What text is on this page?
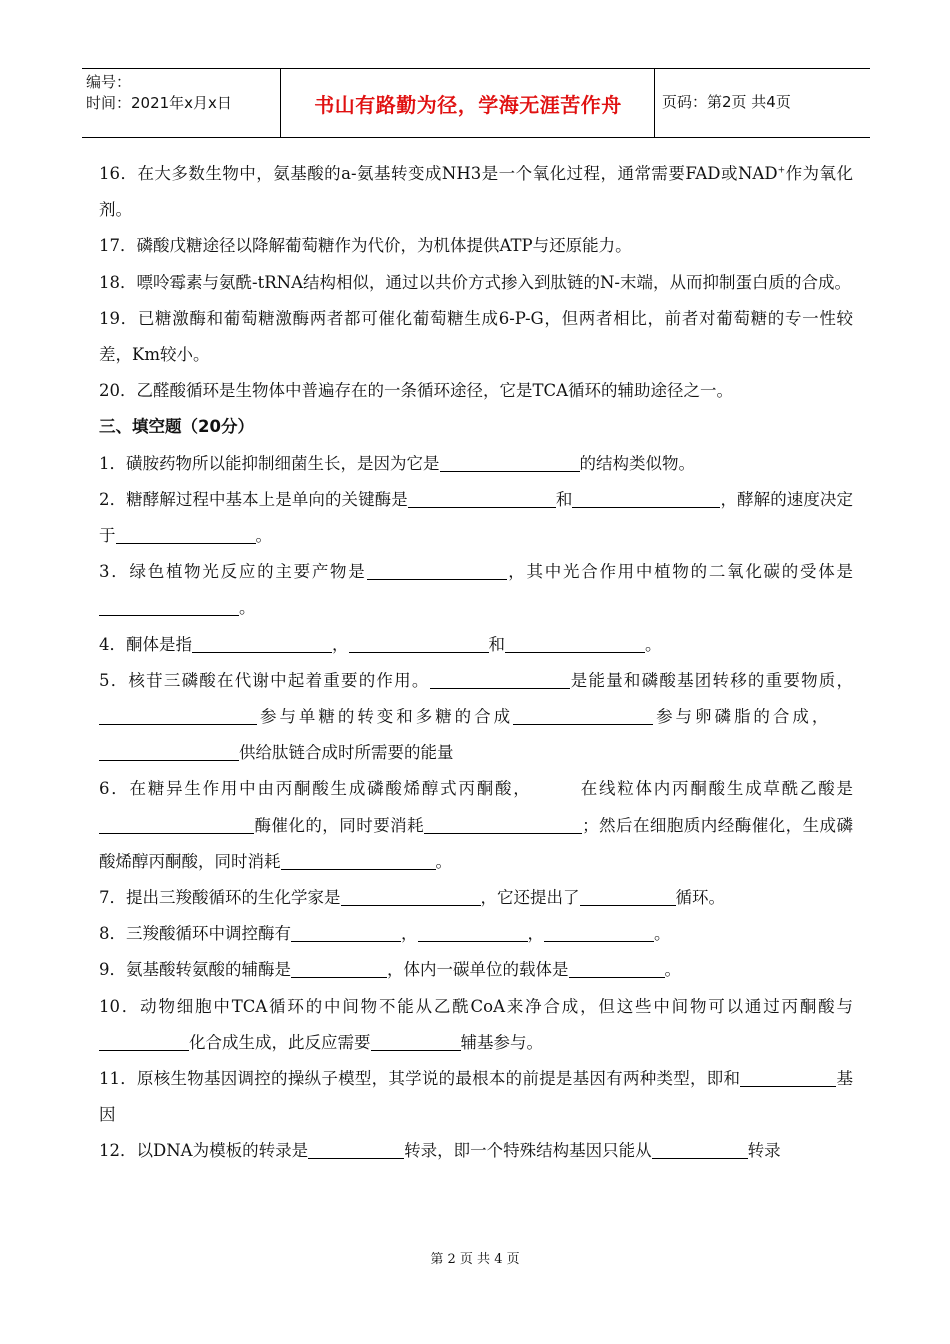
编号：
时间：2021年x月x日	书山有路勤为径，学海无涯苦作舟	页码：第2页 共4页

16．在大多数生物中，氨基酸的a-氨基转变成NH3是一个氧化过程，通常需要FAD或NAD+作为氧化剂。

17．磷酸戊糖途径以降解葡萄糖作为代价，为机体提供ATP与还原能力。

18．嘌呤霉素与氨酰-tRNA结构相似，通过以共价方式掺入到肽链的N-末端，从而抑制蛋白质的合成。

19．已糖激酶和葡萄糖激酶两者都可催化葡萄糖生成6-P-G，但两者相比，前者对葡萄糖的专一性较差，Km较小。

20．乙醛酸循环是生物体中普遍存在的一条循环途径，它是TCA循环的辅助途径之一。

三、填空题（20分）

1．磺胺药物所以能抑制细菌生长，是因为它是	的结构类似物。

2．糖酵解过程中基本上是单向的关键酶是	和	，酵解的速度决定于	。

3．绿色植物光反应的主要产物是	，其中光合作用中植物的二氧化碳的受体是。

4．酮体是指	，	和	。

5．核苷三磷酸在代谢中起着重要的作用。	是能量和磷酸基团转移的重要物质，参与单糖的转变和多糖的合成	参与卵磷脂的合成，   供给肽链合成时所需要的能量

6．在糖异生作用中由丙酮酸生成磷酸烯醇式丙酮酸，	在线粒体内丙酮酸生成草酰乙酸是酶催化的，同时要消耗	；然后在细胞质内经酶催化，生成磷酸烯醇丙酮酸，同时消耗	。

7．提出三羧酸循环的生化学家是	，它还提出了	循环。

8．三羧酸循环中调控酶有	，	，	。

9．氨基酸转氨酸的辅酶是	，体内一碳单位的载体是	。

10．动物细胞中TCA循环的中间物不能从乙酰CoA来净合成，但这些中间物可以通过丙酮酸与化合成生成，此反应需要	辅基参与。

11．原核生物基因调控的操纵子模型，其学说的最根本的前提是基因有两种类型，即和	基因

12．以DNA为模板的转录是	转录，即一个特殊结构基因只能从	转录

第 2 页 共 4 页
